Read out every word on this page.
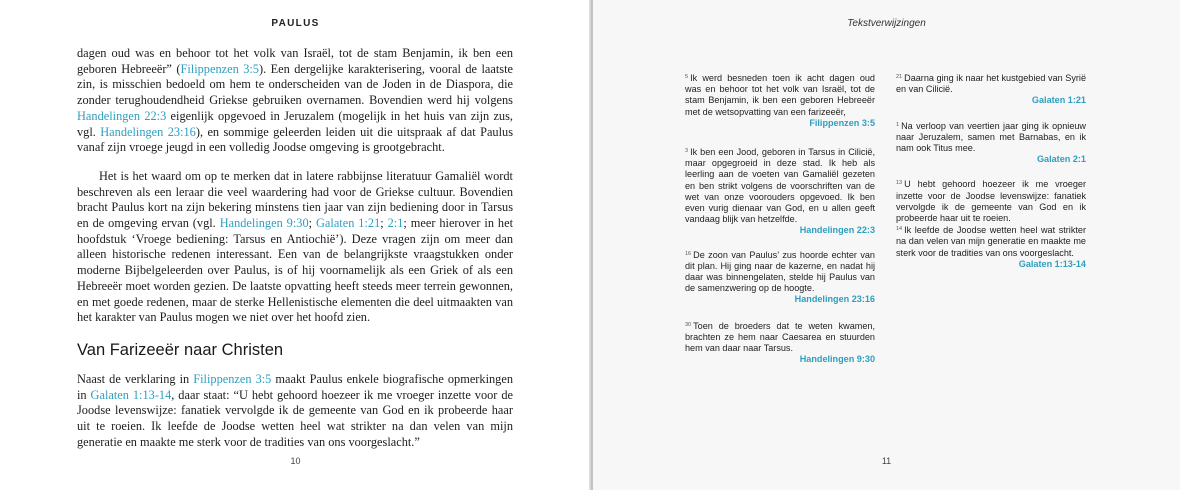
PAULUS

dagen oud was en behoor tot het volk van Israël, tot de stam Benjamin, ik ben een geboren Hebreeër” (Filippenzen 3:5). Een dergelijke karakterisering, vooral de laatste zin, is misschien bedoeld om hem te onderscheiden van de Joden in de Diaspora, die zonder terughoudendheid Griekse gebruiken overnamen. Bovendien werd hij volgens Handelingen 22:3 eigenlijk opgevoed in Jeruzalem (mogelijk in het huis van zijn zus, vgl. Handelingen 23:16), en sommige geleerden leiden uit die uitspraak af dat Paulus vanaf zijn vroege jeugd in een volledig Joodse omgeving is grootgebracht.

Het is het waard om op te merken dat in latere rabbijnse literatuur Gamaliël wordt beschreven als een leraar die veel waardering had voor de Griekse cultuur. Bovendien bracht Paulus kort na zijn bekering minstens tien jaar van zijn bediening door in Tarsus en de omgeving ervan (vgl. Handelingen 9:30; Galaten 1:21; 2:1; meer hierover in het hoofdstuk ‘Vroege bediening: Tarsus en Antiochië’). Deze vragen zijn om meer dan alleen historische redenen interessant. Een van de belangrijkste vraagstukken onder moderne Bijbelgeleerden over Paulus, is of hij voornamelijk als een Griek of als een Hebreeër moet worden gezien. De laatste opvatting heeft steeds meer terrein gewonnen, en met goede redenen, maar de sterke Hellenistische elementen die deel uitmaakten van het karakter van Paulus mogen we niet over het hoofd zien.

Van Farizeeër naar Christen

Naast de verklaring in Filippenzen 3:5 maakt Paulus enkele biografische opmerkingen in Galaten 1:13-14, daar staat: “U hebt gehoord hoezeer ik me vroeger inzette voor de Joodse levenswijze: fanatiek vervolgde ik de gemeente van God en ik probeerde haar uit te roeien. Ik leefde de Joodse wetten heel wat strikter na dan velen van mijn generatie en maakte me sterk voor de tradities van ons voorgeslacht.”

10
Tekstverwijzingen

$^5$ Ik werd besneden toen ik acht dagen oud was en behoor tot het volk van Israël, tot de stam Benjamin, ik ben een geboren Hebreeër met de wetsopvatting van een farizeeër,

Filippenzen 3:5

$^3$ Ik ben een Jood, geboren in Tarsus in Cilicië, maar opgegroeid in deze stad. Ik heb als leerling aan de voeten van Gamaliël gezeten en ben strikt volgens de voorschriften van de wet van onze voorouders opgevoed. Ik ben even vurig dienaar van God, en u allen geeft vandaag blijk van hetzelfde.

Handelingen 22:3

$^{16}$ De zoon van Paulus’ zus hoorde echter van dit plan. Hij ging naar de kazerne, en nadat hij daar was binnengelaten, stelde hij Paulus van de samenzwering op de hoogte.

Handelingen 23:16

$^{30}$ Toen de broeders dat te weten kwamen, brachten ze hem naar Caesarea en stuurden hem van daar naar Tarsus.

Handelingen 9:30

$^{21}$ Daarna ging ik naar het kustgebied van Syrië en van Cilicië.

Galaten 1:21

$^1$ Na verloop van veertien jaar ging ik opnieuw naar Jeruzalem, samen met Barnabas, en ik nam ook Titus mee.

Galaten 2:1

$^{13}$ U hebt gehoord hoezeer ik me vroeger inzette voor de Joodse levenswijze: fanatiek vervolgde ik de gemeente van God en ik probeerde haar uit te roeien.

$^{14}$ Ik leefde de Joodse wetten heel wat strikter na dan velen van mijn generatie en maakte me sterk voor de tradities van ons voorgeslacht.

Galaten 1:13-14
11
